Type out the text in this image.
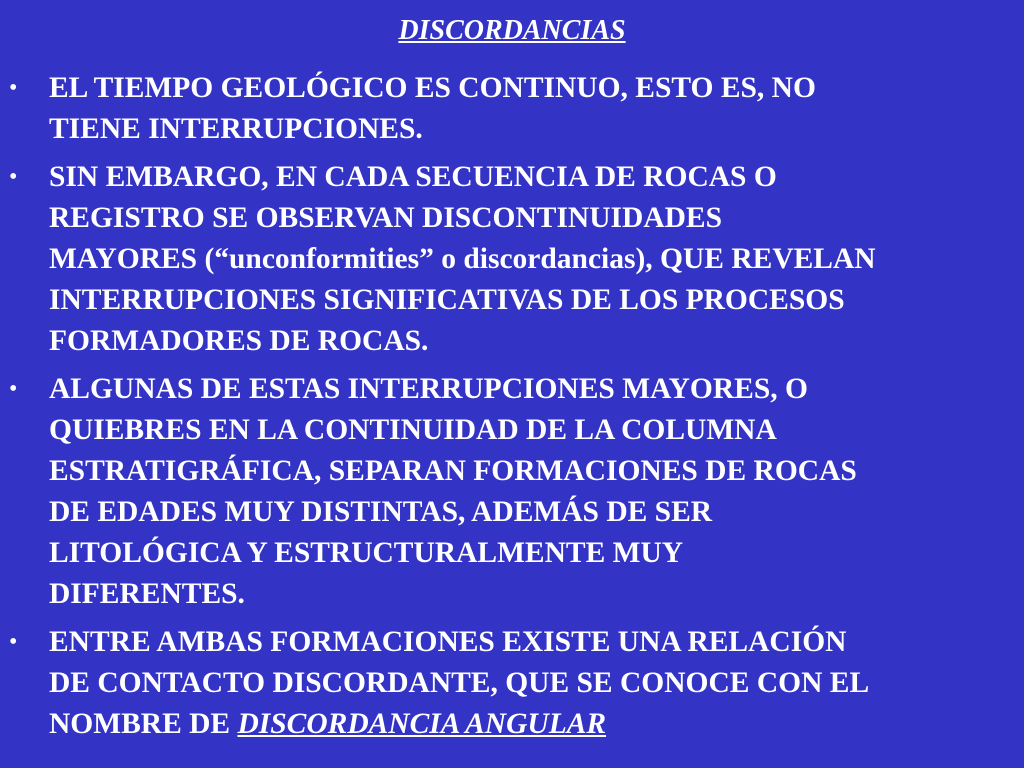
DISCORDANCIAS
• EL TIEMPO GEOLÓGICO ES CONTINUO, ESTO ES, NO
TIENE INTERRUPCIONES.
• SIN EMBARGO, EN CADA SECUENCIA DE ROCAS O
REGISTRO SE OBSERVAN DISCONTINUIDADES
MAYORES (“unconformities” o discordancias), QUE REVELAN
INTERRUPCIONES SIGNIFICATIVAS DE LOS PROCESOS
FORMADORES DE ROCAS.
• ALGUNAS DE ESTAS INTERRUPCIONES MAYORES, O
QUIEBRES EN LA CONTINUIDAD DE LA COLUMNA
ESTRATIGRÁFICA, SEPARAN FORMACIONES DE ROCAS
DE EDADES MUY DISTINTAS, ADEMÁS DE SER
LITOLÓGICA Y ESTRUCTURALMENTE MUY
DIFERENTES.
• ENTRE AMBAS FORMACIONES EXISTE UNA RELACIÓN
DE CONTACTO DISCORDANTE, QUE SE CONOCE CON EL
NOMBRE DE DISCORDANCIA ANGULAR
